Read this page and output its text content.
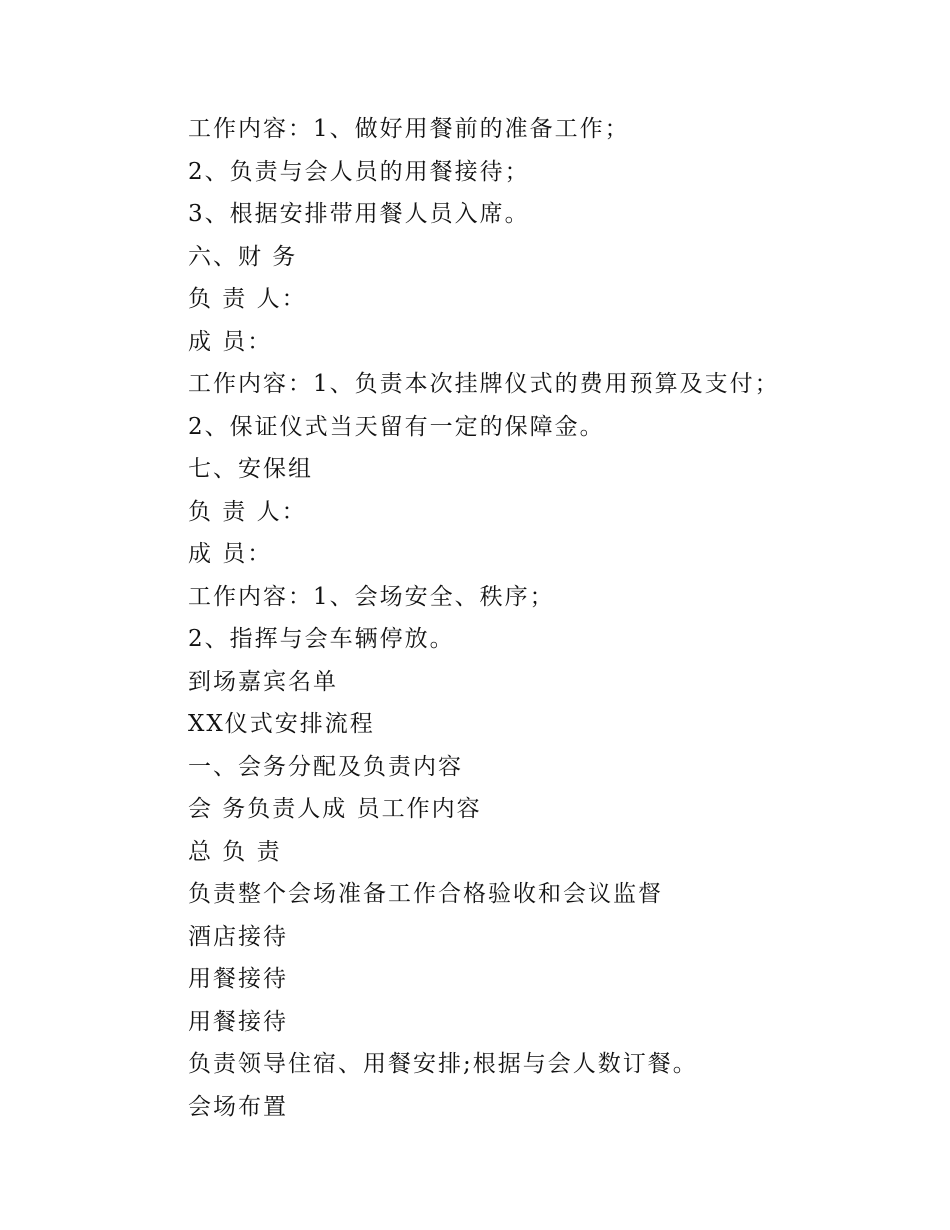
工作内容：1、做好用餐前的准备工作；
2、负责与会人员的用餐接待；
3、根据安排带用餐人员入席。
六、财 务
负 责 人：
成 员：
工作内容：1、负责本次挂牌仪式的费用预算及支付；
2、保证仪式当天留有一定的保障金。
七、安保组
负 责 人：
成 员：
工作内容：1、会场安全、秩序；
2、指挥与会车辆停放。
到场嘉宾名单
XX仪式安排流程
一、会务分配及负责内容
会 务负责人成 员工作内容
总 负 责
负责整个会场准备工作合格验收和会议监督
酒店接待
用餐接待
用餐接待
负责领导住宿、用餐安排;根据与会人数订餐。
会场布置
